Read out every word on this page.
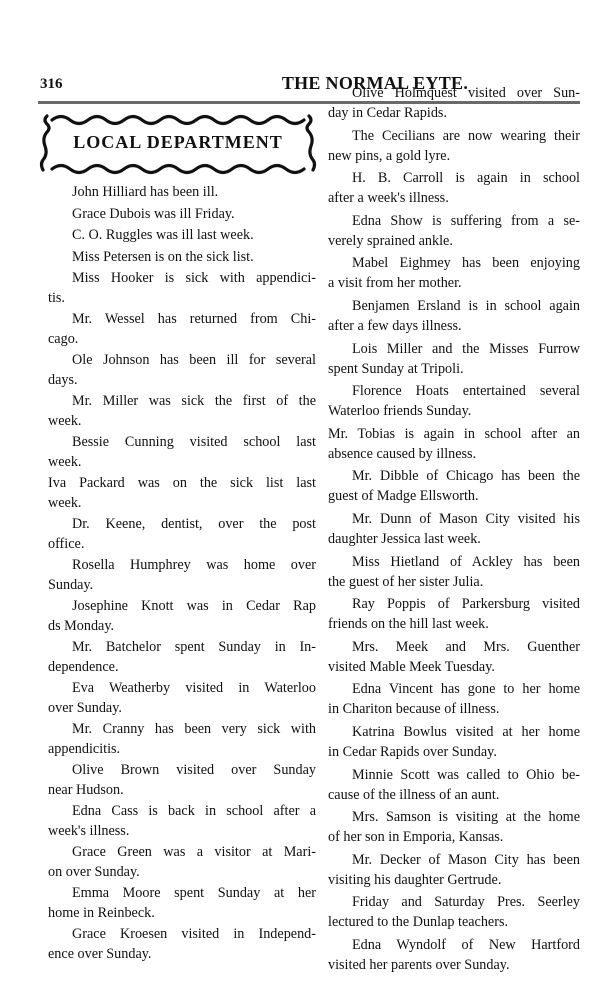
316	THE NORMAL EYTE.
LOCAL DEPARTMENT
John Hilliard has been ill.
Grace Dubois was ill Friday.
C. O. Ruggles was ill last week.
Miss Petersen is on the sick list.
Miss Hooker is sick with appendici-
tis.
Mr. Wessel has returned from Chi-
cago.
Ole Johnson has been ill for several
days.
Mr. Miller was sick the first of the
week.
Bessie Cunning visited school last
week.
Iva Packard was on the sick list last
week.
Dr. Keene, dentist, over the post
office.
Rosella Humphrey was home over
Sunday.
Josephine Knott was in Cedar Rap
ds Monday.
Mr. Batchelor spent Sunday in In-
dependence.
Eva Weatherby visited in Waterloo
over Sunday.
Mr. Cranny has been very sick with
appendicitis.
Olive Brown visited over Sunday
near Hudson.
Edna Cass is back in school after a
week's illness.
Grace Green was a visitor at Mari-
on over Sunday.
Emma Moore spent Sunday at her
home in Reinbeck.
Grace Kroesen visited in Independ-
ence over Sunday.
Olive Holmquest visited over Sun-
day in Cedar Rapids.
The Cecilians are now wearing their
new pins, a gold lyre.
H. B. Carroll is again in school
after a week's illness.
Edna Show is suffering from a se-
verely sprained ankle.
Mabel Eighmey has been enjoying
a visit from her mother.
Benjamen Ersland is in school again
after a few days illness.
Lois Miller and the Misses Furrow
spent Sunday at Tripoli.
Florence Hoats entertained several
Waterloo friends Sunday.
Mr. Tobias is again in school after an
absence caused by illness.
Mr. Dibble of Chicago has been the
guest of Madge Ellsworth.
Mr. Dunn of Mason City visited his
daughter Jessica last week.
Miss Hietland of Ackley has been
the guest of her sister Julia.
Ray Poppis of Parkersburg visited
friends on the hill last week.
Mrs. Meek and Mrs. Guenther
visited Mable Meek Tuesday.
Edna Vincent has gone to her home
in Chariton because of illness.
Katrina Bowlus visited at her home
in Cedar Rapids over Sunday.
Minnie Scott was called to Ohio be-
cause of the illness of an aunt.
Mrs. Samson is visiting at the home
of her son in Emporia, Kansas.
Mr. Decker of Mason City has been
visiting his daughter Gertrude.
Friday and Saturday Pres. Seerley
lectured to the Dunlap teachers.
Edna Wyndolf of New Hartford
visited her parents over Sunday.
